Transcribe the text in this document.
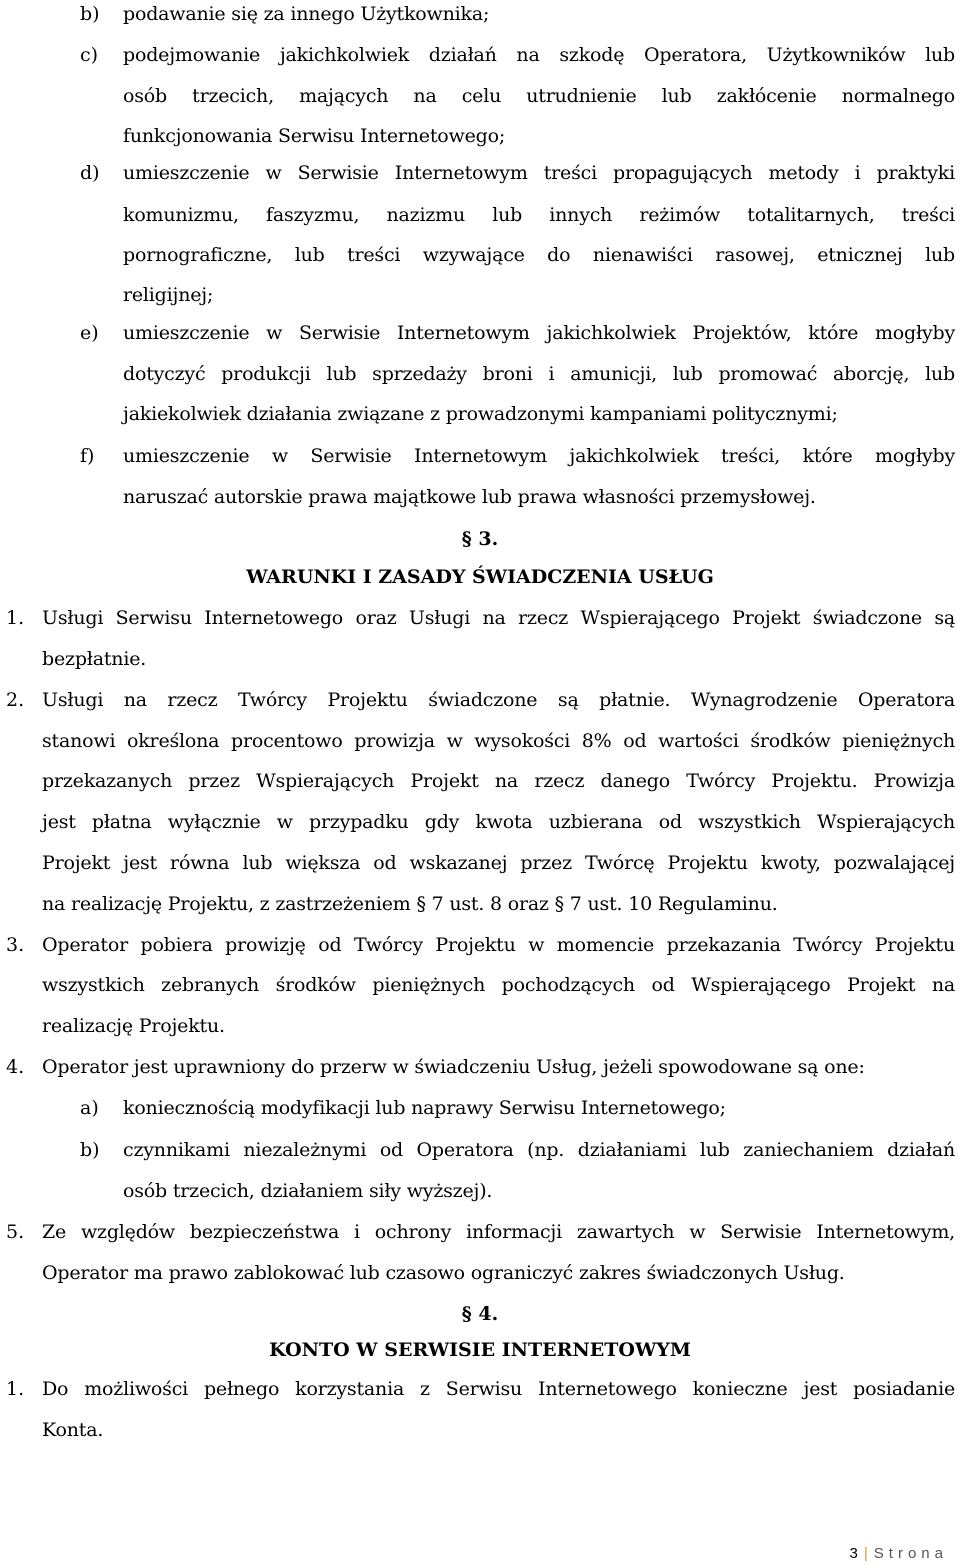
b) podawanie się za innego Użytkownika;
c) podejmowanie jakichkolwiek działań na szkodę Operatora, Użytkowników lub
osób trzecich, mających na celu utrudnienie lub zakłócenie normalnego
funkcjonowania Serwisu Internetowego;
d) umieszczenie w Serwisie Internetowym treści propagujących metody i praktyki
komunizmu, faszyzmu, nazizmu lub innych reżimów totalitarnych, treści
pornograficzne, lub treści wzywające do nienawiści rasowej, etnicznej lub
religijnej;
e) umieszczenie w Serwisie Internetowym jakichkolwiek Projektów, które mogłyby
dotyczyć produkcji lub sprzedaży broni i amunicji, lub promować aborcję, lub
jakiekolwiek działania związane z prowadzonymi kampaniami politycznymi;
f) umieszczenie w Serwisie Internetowym jakichkolwiek treści, które mogłyby
naruszać autorskie prawa majątkowe lub prawa własności przemysłowej.
§ 3.
WARUNKI I ZASADY ŚWIADCZENIA USŁUG
1. Usługi Serwisu Internetowego oraz Usługi na rzecz Wspierającego Projekt świadczone są
bezpłatnie.
2. Usługi na rzecz Twórcy Projektu świadczone są płatnie. Wynagrodzenie Operatora
stanowi określona procentowo prowizja w wysokości 8% od wartości środków pieniężnych
przekazanych przez Wspierających Projekt na rzecz danego Twórcy Projektu. Prowizja
jest płatna wyłącznie w przypadku gdy kwota uzbierana od wszystkich Wspierających
Projekt jest równa lub większa od wskazanej przez Twórcę Projektu kwoty, pozwalającej
na realizację Projektu, z zastrzeżeniem § 7 ust. 8 oraz § 7 ust. 10 Regulaminu.
3. Operator pobiera prowizję od Twórcy Projektu w momencie przekazania Twórcy Projektu
wszystkich zebranych środków pieniężnych pochodzących od Wspierającego Projekt na
realizację Projektu.
4. Operator jest uprawniony do przerw w świadczeniu Usług, jeżeli spowodowane są one:
a) koniecznością modyfikacji lub naprawy Serwisu Internetowego;
b) czynnikami niezależnymi od Operatora (np. działaniami lub zaniechaniem działań
osób trzecich, działaniem siły wyższej).
5. Ze względów bezpieczeństwa i ochrony informacji zawartych w Serwisie Internetowym,
Operator ma prawo zablokować lub czasowo ograniczyć zakres świadczonych Usług.
§ 4.
KONTO W SERWISIE INTERNETOWYM
1. Do możliwości pełnego korzystania z Serwisu Internetowego konieczne jest posiadanie
Konta.
3 | Strona
